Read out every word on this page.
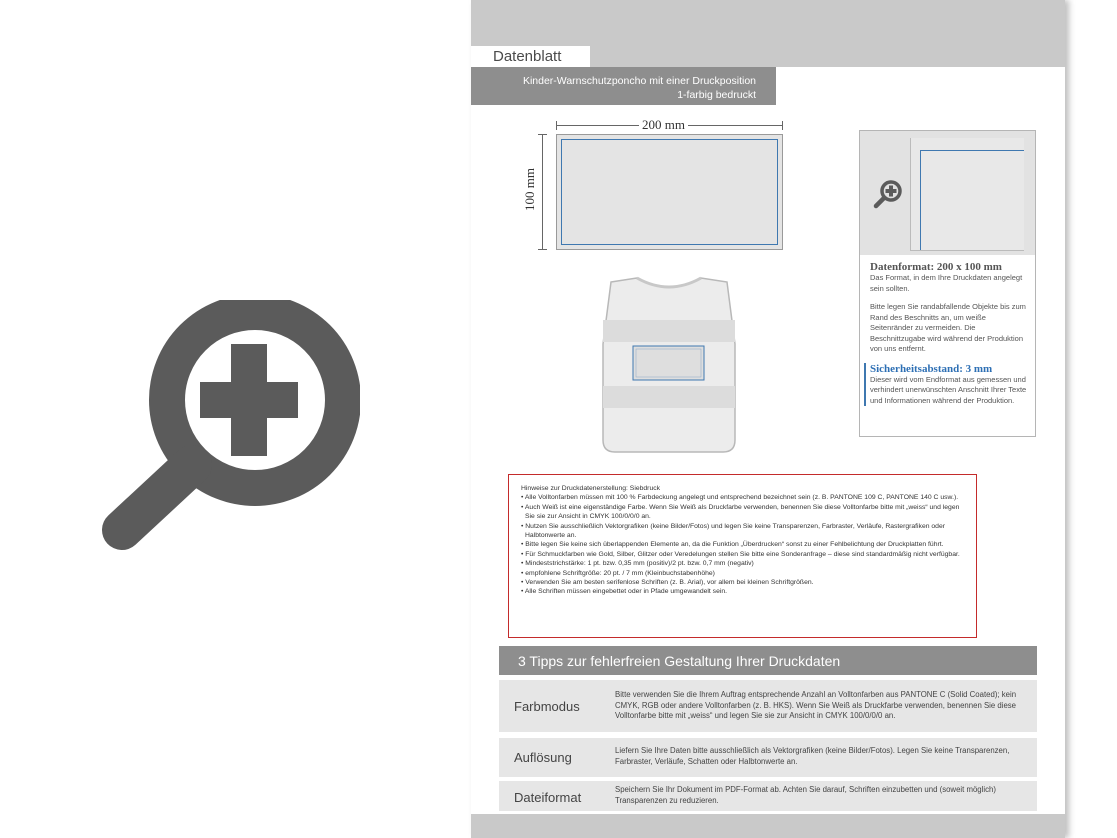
Datenblatt
Kinder-Warnschutzponcho mit einer Druckposition
1-farbig bedruckt
200 mm
100 mm

Datenformat: 200 x 100 mm

Das Format, in dem Ihre Druckdaten angelegt sein sollten.

Bitte legen Sie randabfallende Objekte bis zum Rand des Beschnitts an, um weiße Seitenränder zu vermeiden. Die Beschnittzugabe wird während der Produktion von uns entfernt.

Sicherheitsabstand: 3 mm

Dieser wird vom Endformat aus gemessen und verhindert unerwünschten Anschnitt Ihrer Texte und Informationen während der Produktion.

Hinweise zur Druckdatenerstellung: Siebdruck

• Alle Volltonfarben müssen mit 100 % Farbdeckung angelegt und entsprechend bezeichnet sein (z. B. PANTONE 109 C, PANTONE 140 C usw.).
• Auch Weiß ist eine eigenständige Farbe. Wenn Sie Weiß als Druckfarbe verwenden, benennen Sie diese Volltonfarbe bitte mit „weiss“ und legen Sie sie zur Ansicht in CMYK 100/0/0/0 an.
• Nutzen Sie ausschließlich Vektorgrafiken (keine Bilder/Fotos) und legen Sie keine Transparenzen, Farbraster, Verläufe, Rastergrafiken oder Halbtonwerte an.
• Bitte legen Sie keine sich überlappenden Elemente an, da die Funktion „Überdrucken“ sonst zu einer Fehlbelichtung der Druckplatten führt.
• Für Schmuckfarben wie Gold, Silber, Glitzer oder Veredelungen stellen Sie bitte eine Sonderanfrage – diese sind standardmäßig nicht verfügbar.
• Mindeststrichstärke: 1 pt. bzw. 0,35 mm (positiv)/2 pt. bzw. 0,7 mm (negativ)
• empfohlene Schriftgröße: 20 pt. / 7 mm (Kleinbuchstabenhöhe)
• Verwenden Sie am besten serifenlose Schriften (z. B. Arial), vor allem bei kleinen Schriftgrößen.
• Alle Schriften müssen eingebettet oder in Pfade umgewandelt sein.
3 Tipps zur fehlerfreien Gestaltung Ihrer Druckdaten
Farbmodus
Bitte verwenden Sie die Ihrem Auftrag entsprechende Anzahl an Volltonfarben aus PANTONE C (Solid Coated); kein CMYK, RGB oder andere Volltonfarben (z. B. HKS). Wenn Sie Weiß als Druckfarbe verwenden, benennen Sie diese Volltonfarbe bitte mit „weiss“ und legen Sie sie zur Ansicht in CMYK 100/0/0/0 an.
Auflösung	Liefern Sie Ihre Daten bitte ausschließlich als Vektorgrafiken (keine Bilder/Fotos). Legen Sie keine Transparenzen, Farbraster, Verläufe, Schatten oder Halbtonwerte an.
Dateiformat
Speichern Sie Ihr Dokument im PDF-Format ab. Achten Sie darauf, Schriften einzubetten und (soweit möglich) Transparenzen zu reduzieren.
